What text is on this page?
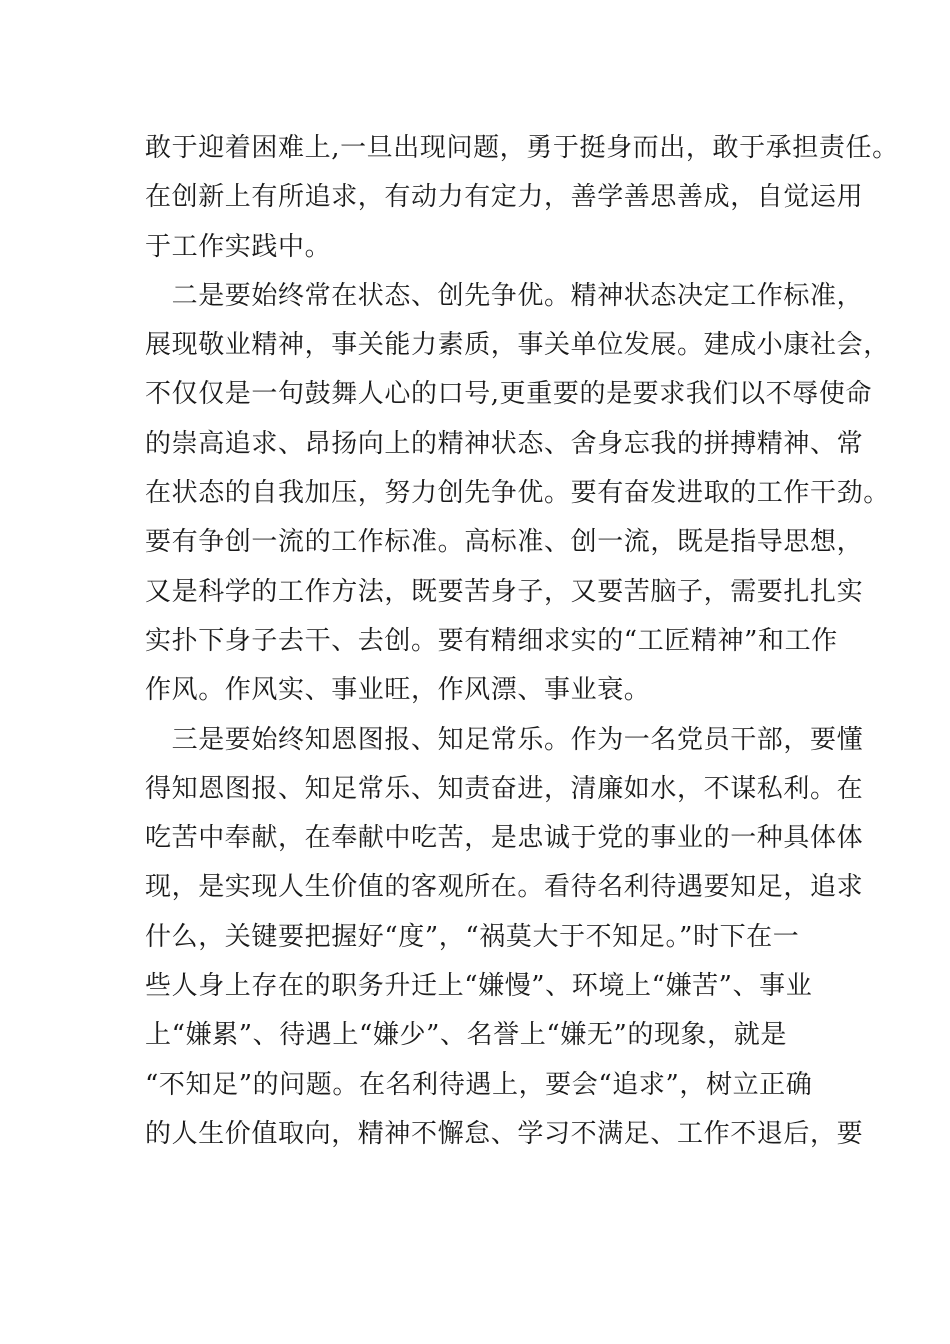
敢于迎着困难上,一旦出现问题，勇于挺身而出，敢于承担责任。
在创新上有所追求，有动力有定力，善学善思善成，自觉运用
于工作实践中。
　二是要始终常在状态、创先争优。精神状态决定工作标准，
展现敬业精神，事关能力素质，事关单位发展。建成小康社会，
不仅仅是一句鼓舞人心的口号,更重要的是要求我们以不辱使命
的崇高追求、昂扬向上的精神状态、舍身忘我的拼搏精神、常
在状态的自我加压，努力创先争优。要有奋发进取的工作干劲。
要有争创一流的工作标准。高标准、创一流，既是指导思想，
又是科学的工作方法，既要苦身子，又要苦脑子，需要扎扎实
实扑下身子去干、去创。要有精细求实的“工匠精神”和工作
作风。作风实、事业旺，作风漂、事业衰。
　三是要始终知恩图报、知足常乐。作为一名党员干部，要懂
得知恩图报、知足常乐、知责奋进，清廉如水，不谋私利。在
吃苦中奉献，在奉献中吃苦，是忠诚于党的事业的一种具体体
现，是实现人生价值的客观所在。看待名利待遇要知足，追求
什么，关键要把握好“度”，“祸莫大于不知足。”时下在一
些人身上存在的职务升迁上“嫌慢”、环境上“嫌苦”、事业
上“嫌累”、待遇上“嫌少”、名誉上“嫌无”的现象，就是
“不知足”的问题。在名利待遇上，要会“追求”，树立正确
的人生价值取向，精神不懈怠、学习不满足、工作不退后，要
